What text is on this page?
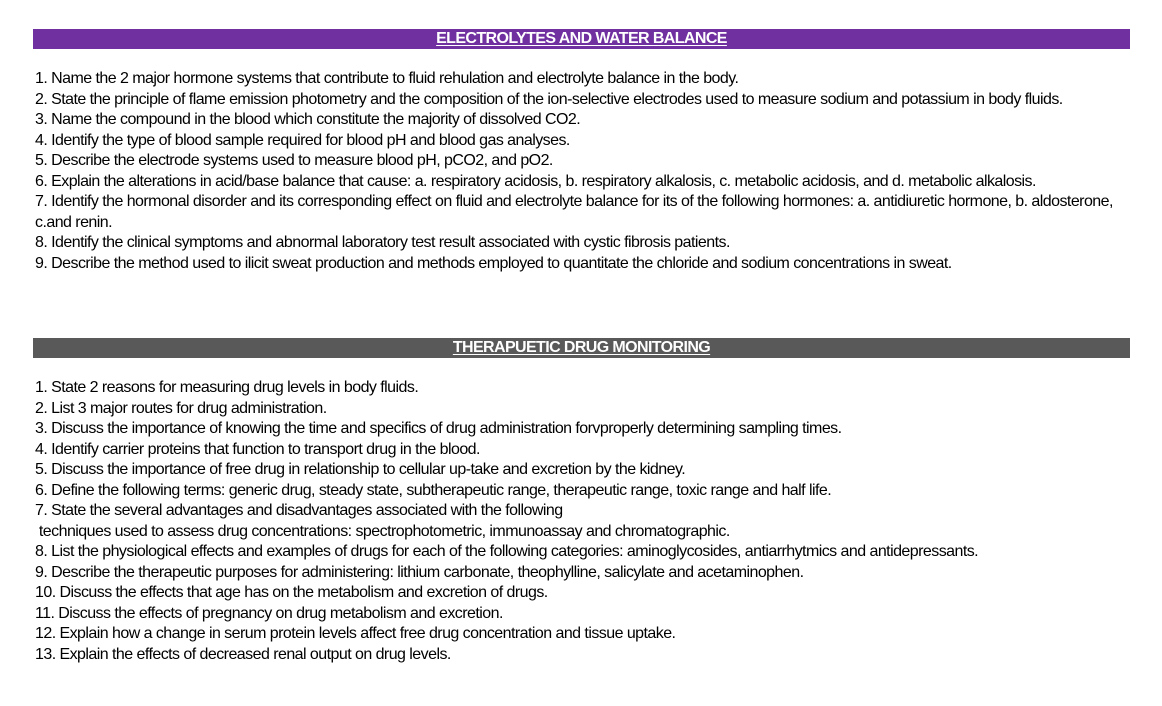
ELECTROLYTES AND WATER BALANCE
1. Name the 2 major hormone systems that contribute to fluid rehulation and electrolyte balance in the body.
2. State the principle of flame emission photometry and the composition of the ion-selective electrodes used to measure sodium and potassium in body fluids.
3. Name the compound in the blood which constitute the majority of dissolved CO2.
4. Identify the type of blood sample required for blood pH and blood gas analyses.
5. Describe the electrode systems used to measure blood pH, pCO2, and pO2.
6. Explain the alterations in acid/base balance that cause: a. respiratory acidosis, b. respiratory alkalosis, c. metabolic acidosis, and d. metabolic alkalosis.
7. Identify the hormonal disorder and its corresponding effect on fluid and electrolyte balance for its of the following hormones: a. antidiuretic hormone, b. aldosterone, c.and renin.
8. Identify the clinical symptoms and abnormal laboratory test result associated with cystic fibrosis patients.
9. Describe the method used to ilicit sweat production and methods employed to quantitate the chloride and sodium concentrations in sweat.
THERAPUETIC DRUG MONITORING
1. State 2 reasons for measuring drug levels in body fluids.
2. List 3 major routes for drug administration.
3. Discuss the importance of knowing the time and specifics of drug administration forvproperly determining sampling times.
4. Identify carrier proteins that function to transport drug in the blood.
5. Discuss the importance of free drug in relationship to cellular up-take and excretion by the kidney.
6. Define the following terms: generic drug, steady state, subtherapeutic range, therapeutic range, toxic range and half life.
7. State the several advantages and disadvantages associated with the following
techniques used to assess drug concentrations: spectrophotometric, immunoassay and chromatographic.
8. List the physiological effects and examples of drugs for each of the following categories: aminoglycosides, antiarrhytmics and antidepressants.
9. Describe the therapeutic purposes for administering: lithium carbonate, theophylline, salicylate and acetaminophen.
10. Discuss the effects that age has on the metabolism and excretion of drugs.
11. Discuss the effects of pregnancy on drug metabolism and excretion.
12. Explain how a change in serum protein levels affect free drug concentration and tissue uptake.
13. Explain the effects of decreased renal output on drug levels.
